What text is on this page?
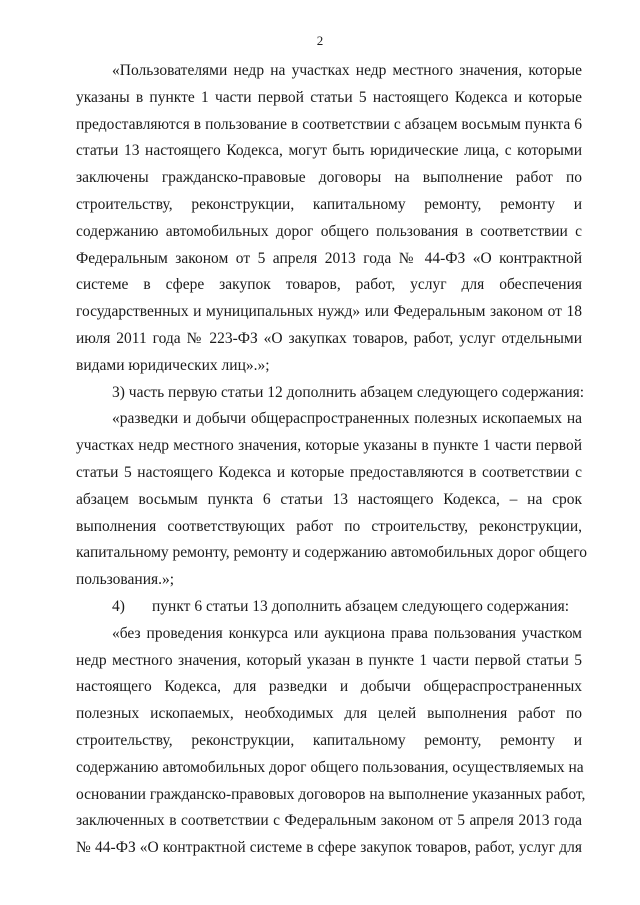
2
«Пользователями недр на участках недр местного значения, которые
указаны в пункте 1 части первой статьи 5 настоящего Кодекса и которые
предоставляются в пользование в соответствии с абзацем восьмым пункта 6
статьи 13 настоящего Кодекса, могут быть юридические лица, с которыми
заключены гражданско-правовые договоры на выполнение работ по
строительству, реконструкции, капитальному ремонту, ремонту и
содержанию автомобильных дорог общего пользования в соответствии с
Федеральным законом от 5 апреля 2013 года № 44-ФЗ «О контрактной
системе в сфере закупок товаров, работ, услуг для обеспечения
государственных и муниципальных нужд» или Федеральным законом от 18
июля 2011 года № 223-ФЗ «О закупках товаров, работ, услуг отдельными
видами юридических лиц».»;
3) часть первую статьи 12 дополнить абзацем следующего содержания:
«разведки и добычи общераспространенных полезных ископаемых на
участках недр местного значения, которые указаны в пункте 1 части первой
статьи 5 настоящего Кодекса и которые предоставляются в соответствии с
абзацем восьмым пункта 6 статьи 13 настоящего Кодекса, – на срок
выполнения соответствующих работ по строительству, реконструкции,
капитальному ремонту, ремонту и содержанию автомобильных дорог общего
пользования.»;
4) пункт 6 статьи 13 дополнить абзацем следующего содержания:
«без проведения конкурса или аукциона права пользования участком
недр местного значения, который указан в пункте 1 части первой статьи 5
настоящего Кодекса, для разведки и добычи общераспространенных
полезных ископаемых, необходимых для целей выполнения работ по
строительству, реконструкции, капитальному ремонту, ремонту и
содержанию автомобильных дорог общего пользования, осуществляемых на
основании гражданско-правовых договоров на выполнение указанных работ,
заключенных в соответствии с Федеральным законом от 5 апреля 2013 года
№ 44-ФЗ «О контрактной системе в сфере закупок товаров, работ, услуг для
